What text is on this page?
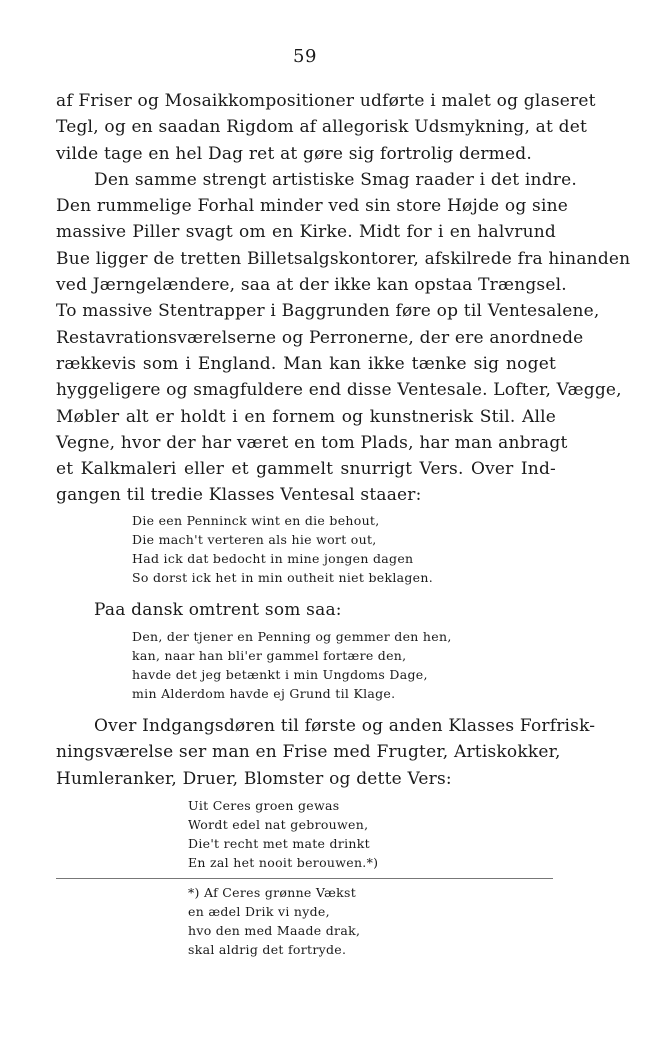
59
af Friser og Mosaikkompositioner udførte i malet og glaseret
Tegl, og en saadan Rigdom af allegorisk Udsmykning, at det
vilde tage en hel Dag ret at gøre sig fortrolig dermed.
Den samme strengt artistiske Smag raader i det indre.
Den rummelige Forhal minder ved sin store Højde og sine
massive Piller svagt om en Kirke. Midt for i en halvrund
Bue ligger de tretten Billetsalgskontorer, afskilrede fra hinanden
ved Jærngelændere, saa at der ikke kan opstaa Trængsel.
To massive Stentrapper i Baggrunden føre op til Ventesalene,
Restavrationsværelserne og Perronerne, der ere anordnede
rækkevis som i England. Man kan ikke tænke sig noget
hyggeligere og smagfuldere end disse Ventesale. Lofter, Vægge,
Møbler alt er holdt i en fornem og kunstnerisk Stil. Alle
Vegne, hvor der har været en tom Plads, har man anbragt
et Kalkmaleri eller et gammelt snurrigt Vers. Over Ind-
gangen til tredie Klasses Ventesal staaer:
Die een Penninck wint en die behout,
Die mach't verteren als hie wort out,
Had ick dat bedocht in mine jongen dagen
So dorst ick het in min outheit niet beklagen.
Paa dansk omtrent som saa:
Den, der tjener en Penning og gemmer den hen,
kan, naar han bli'er gammel fortære den,
havde det jeg betænkt i min Ungdoms Dage,
min Alderdom havde ej Grund til Klage.
Over Indgangsdøren til første og anden Klasses Forfrisk-
ningsværelse ser man en Frise med Frugter, Artiskokker,
Humleranker, Druer, Blomster og dette Vers:
Uit Ceres groen gewas
Wordt edel nat gebrouwen,
Die't recht met mate drinkt
En zal het nooit berouwen.*)
*) Af Ceres grønne Vækst
en ædel Drik vi nyde,
hvo den med Maade drak,
skal aldrig det fortryde.
